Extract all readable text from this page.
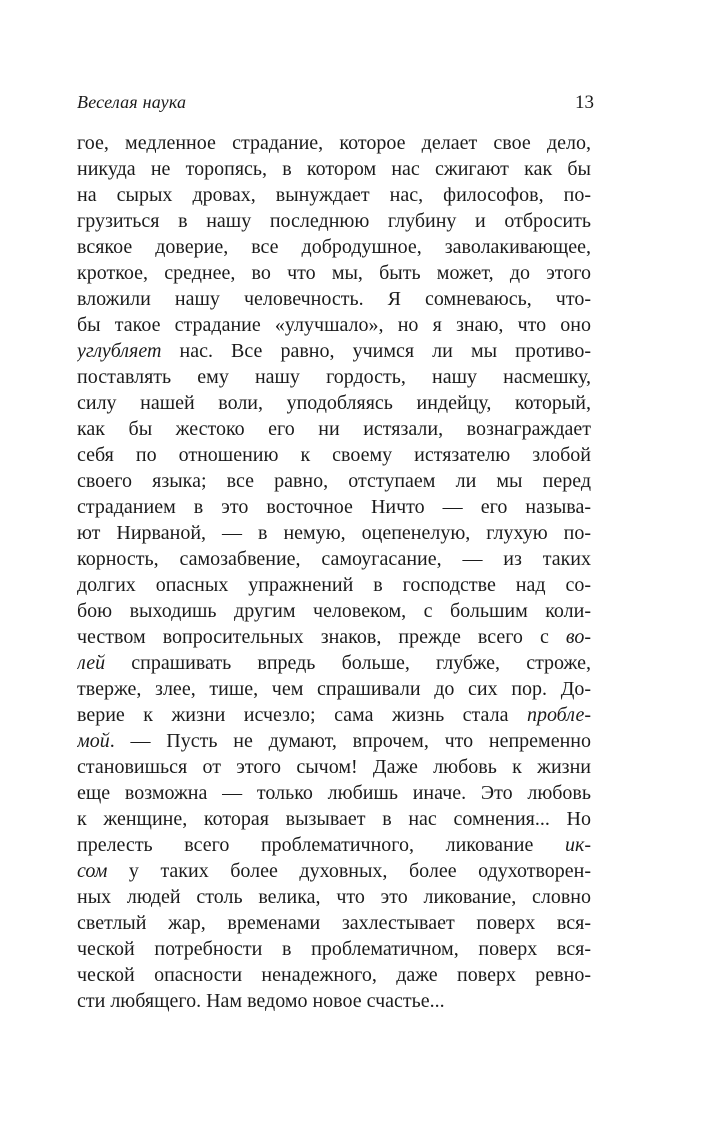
Веселая наука	13
гое, медленное страдание, которое делает свое дело,
никуда не торопясь, в котором нас сжигают как бы
на сырых дровах, вынуждает нас, философов, по-
грузиться в нашу последнюю глубину и отбросить
всякое доверие, все добродушное, заволакивающее,
кроткое, среднее, во что мы, быть может, до этого
вложили нашу человечность. Я сомневаюсь, что-
бы такое страдание «улучшало», но я знаю, что оно
углубляет нас. Все равно, учимся ли мы противо-
поставлять ему нашу гордость, нашу насмешку,
силу нашей воли, уподобляясь индейцу, который,
как бы жестоко его ни истязали, вознаграждает
себя по отношению к своему истязателю злобой
своего языка; все равно, отступаем ли мы перед
страданием в это восточное Ничто — его называ-
ют Нирваной, — в немую, оцепенелую, глухую по-
корность, самозабвение, самоугасание, — из таких
долгих опасных упражнений в господстве над со-
бою выходишь другим человеком, с большим коли-
чеством вопросительных знаков, прежде всего с во-
лей спрашивать впредь больше, глубже, строже,
тверже, злее, тише, чем спрашивали до сих пор. До-
верие к жизни исчезло; сама жизнь стала пробле-
мой. — Пусть не думают, впрочем, что непременно
становишься от этого сычом! Даже любовь к жизни
еще возможна — только любишь иначе. Это любовь
к женщине, которая вызывает в нас сомнения... Но
прелесть всего проблематичного, ликование ик-
сом у таких более духовных, более одухотворен-
ных людей столь велика, что это ликование, словно
светлый жар, временами захлестывает поверх вся-
ческой потребности в проблематичном, поверх вся-
ческой опасности ненадежного, даже поверх ревно-
сти любящего. Нам ведомо новое счастье...
